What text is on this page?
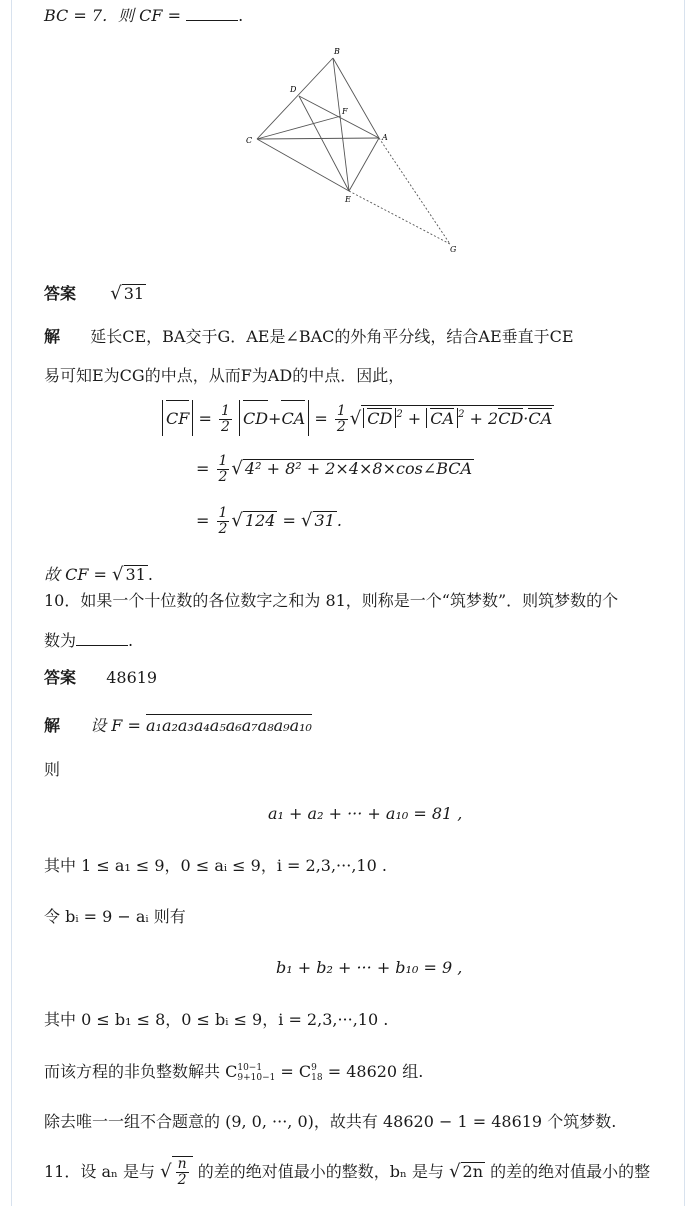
BC = 7．则 CF =	.
B
D
F
C	A
E
G
答案 √ 31
解 延长CE，BA交于G．AE是∠BAC的外角平分线，结合AE垂直于CE
易可知E为CG的中点，从而F为AD的中点．因此，
CF = $\frac{1}{2} CD+CA = \frac{1}{2}$ √ CD $^2$ + CA $^2$ + 2CD·CA
= $\frac{1}{2}$ √ 4² + 8² + 2×4×8×cos∠BCA
= $\frac{1}{2}$ √ 124 = √ 31 .
故 CF = √ 31 .
10．如果一个十位数的各位数字之和为 81，则称是一个“筑梦数”．则筑梦数的个
数为	.
答案 48619
解 设 F = a₁a₂a₃a₄a₅a₆a₇a₈a₉a₁₀
则
a₁ + a₂ + ··· + a₁₀ = 81 ,
其中 1 ≤ a₁ ≤ 9，0 ≤ aᵢ ≤ 9，i = 2,3,···,10 .
令 bᵢ = 9 − aᵢ 则有
b₁ + b₂ + ··· + b₁₀ = 9 ,
其中 0 ≤ b₁ ≤ 8，0 ≤ bᵢ ≤ 9，i = 2,3,···,10 .
而该方程的非负整数解共 C 10−1
9+10−1 = C 9
18 = 48620 组.
除去唯一一组不合题意的 (9, 0, ···, 0)，故共有 48620 − 1 = 48619 个筑梦数.
11．设 aₙ 是与 √ $\frac{n}{2}$ 的差的绝对值最小的整数，bₙ 是与 √ 2n 的差的绝对值最小的整
